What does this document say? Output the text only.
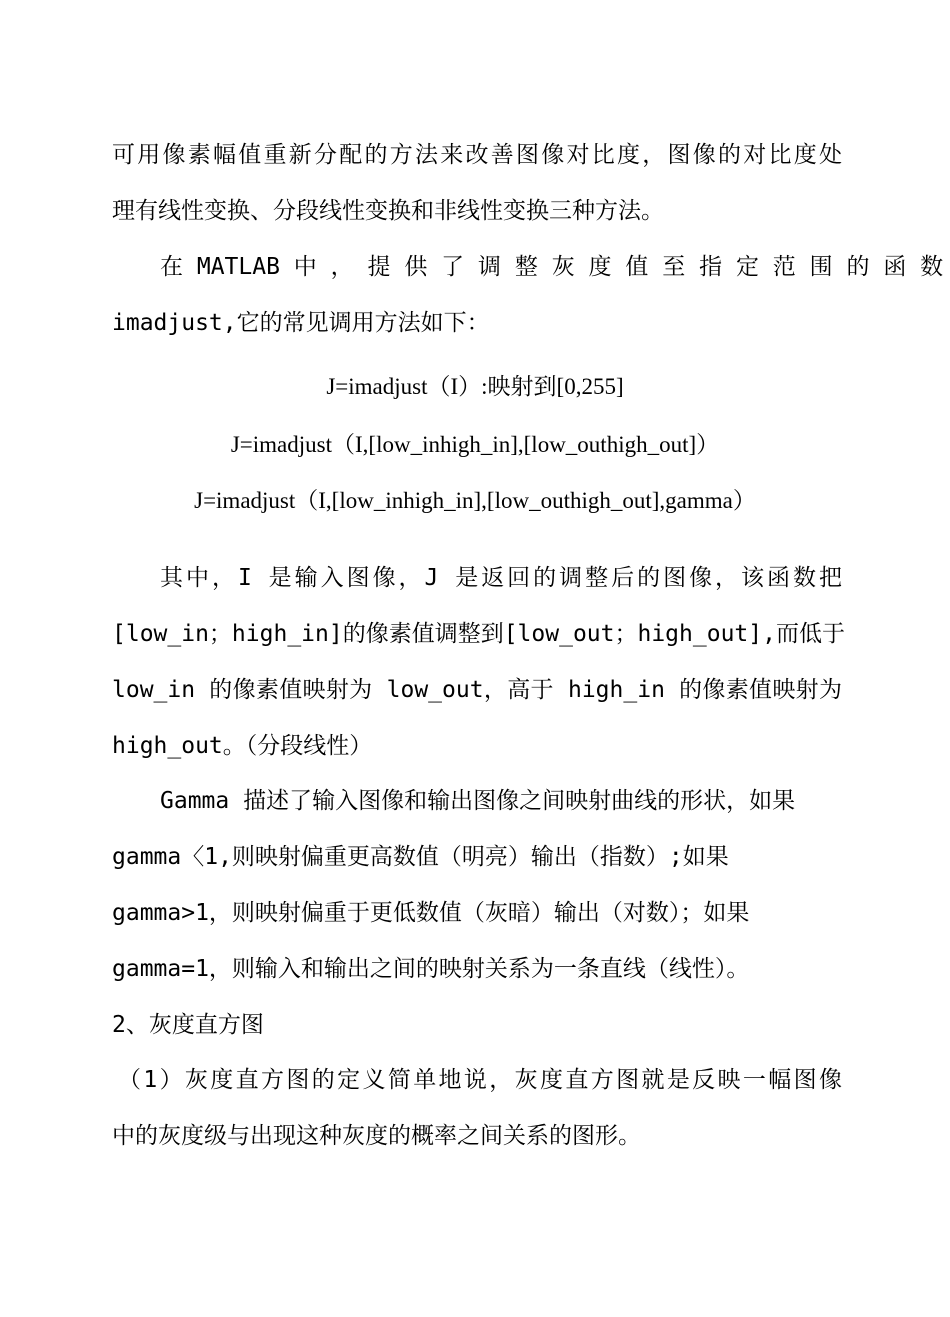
可用像素幅值重新分配的方法来改善图像对比度，图像的对比度处
理有线性变换、分段线性变换和非线性变换三种方法。
在 MATLAB 中 ， 提 供 了 调 整 灰 度 值 至 指 定 范 围 的 函 数
imadjust,它的常见调用方法如下：
J=imadjust（I）:映射到[0,255]
J=imadjust（I,[low_inhigh_in],[low_outhigh_out]）
J=imadjust（I,[low_inhigh_in],[low_outhigh_out],gamma）
其中，I 是输入图像，J 是返回的调整后的图像，该函数把
[low_in；high_in]的像素值调整到[low_out；high_out],而低于
low_in 的像素值映射为 low_out，高于 high_in 的像素值映射为
high_out。（分段线性）
Gamma 描述了输入图像和输出图像之间映射曲线的形状，如果
gamma〈1,则映射偏重更高数值（明亮）输出（指数）;如果
gamma>1，则映射偏重于更低数值（灰暗）输出（对数）；如果
gamma=1，则输入和输出之间的映射关系为一条直线（线性）。
2、灰度直方图
（1）灰度直方图的定义简单地说，灰度直方图就是反映一幅图像
中的灰度级与出现这种灰度的概率之间关系的图形。
